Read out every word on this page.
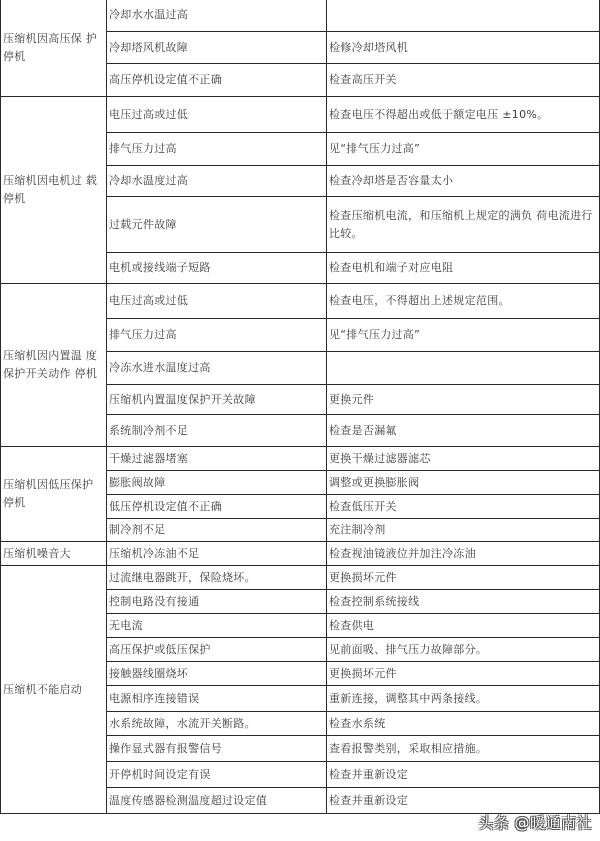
压缩机因高压保 护停机	冷却水水温过高	
	冷却塔风机故障	检修冷却塔风机
	高压停机设定值不正确	检查高压开关
压缩机因电机过 载停机	电压过高或过低	检查电压不得超出或低于额定电压 ±10%。
	排气压力过高	见“排气压力过高”
	冷却水温度过高	检查冷却塔是否容量太小
	过载元件故障	检查压缩机电流，和压缩机上规定的满负 荷电流进行比较。
	电机或接线端子短路	检查电机和端子对应电阻
压缩机因内置温 度保护开关动作 停机	电压过高或过低	检查电压，不得超出上述规定范围。
	排气压力过高	见“排气压力过高”
	冷冻水进水温度过高	
	压缩机内置温度保护开关故障	更换元件
	系统制冷剂不足	检查是否漏氟
压缩机因低压保护 停机	干燥过滤器堵塞	更换干燥过滤器滤芯
	膨胀阀故障	调整或更换膨胀阀
	低压停机设定值不正确	检查低压开关
	制冷剂不足	充注制冷剂
压缩机噪音大	压缩机冷冻油不足	检查视油镜液位并加注冷冻油
压缩机不能启动	过流继电器跳开，保险烧坏。	更换损坏元件
	控制电路没有接通	检查控制系统接线
	无电流	检查供电
	高压保护或低压保护	见前面吸、排气压力故障部分。
	接触器线圈烧坏	更换损坏元件
	电源相序连接错误	重新连接，调整其中两条接线。
	水系统故障，水流开关断路。	检查水系统
	操作显式器有报警信号	查看报警类别，采取相应措施。
	开停机时间设定有误	检查并重新设定
	温度传感器检测温度超过设定值	检查并重新设定
头条 @暖通南社
